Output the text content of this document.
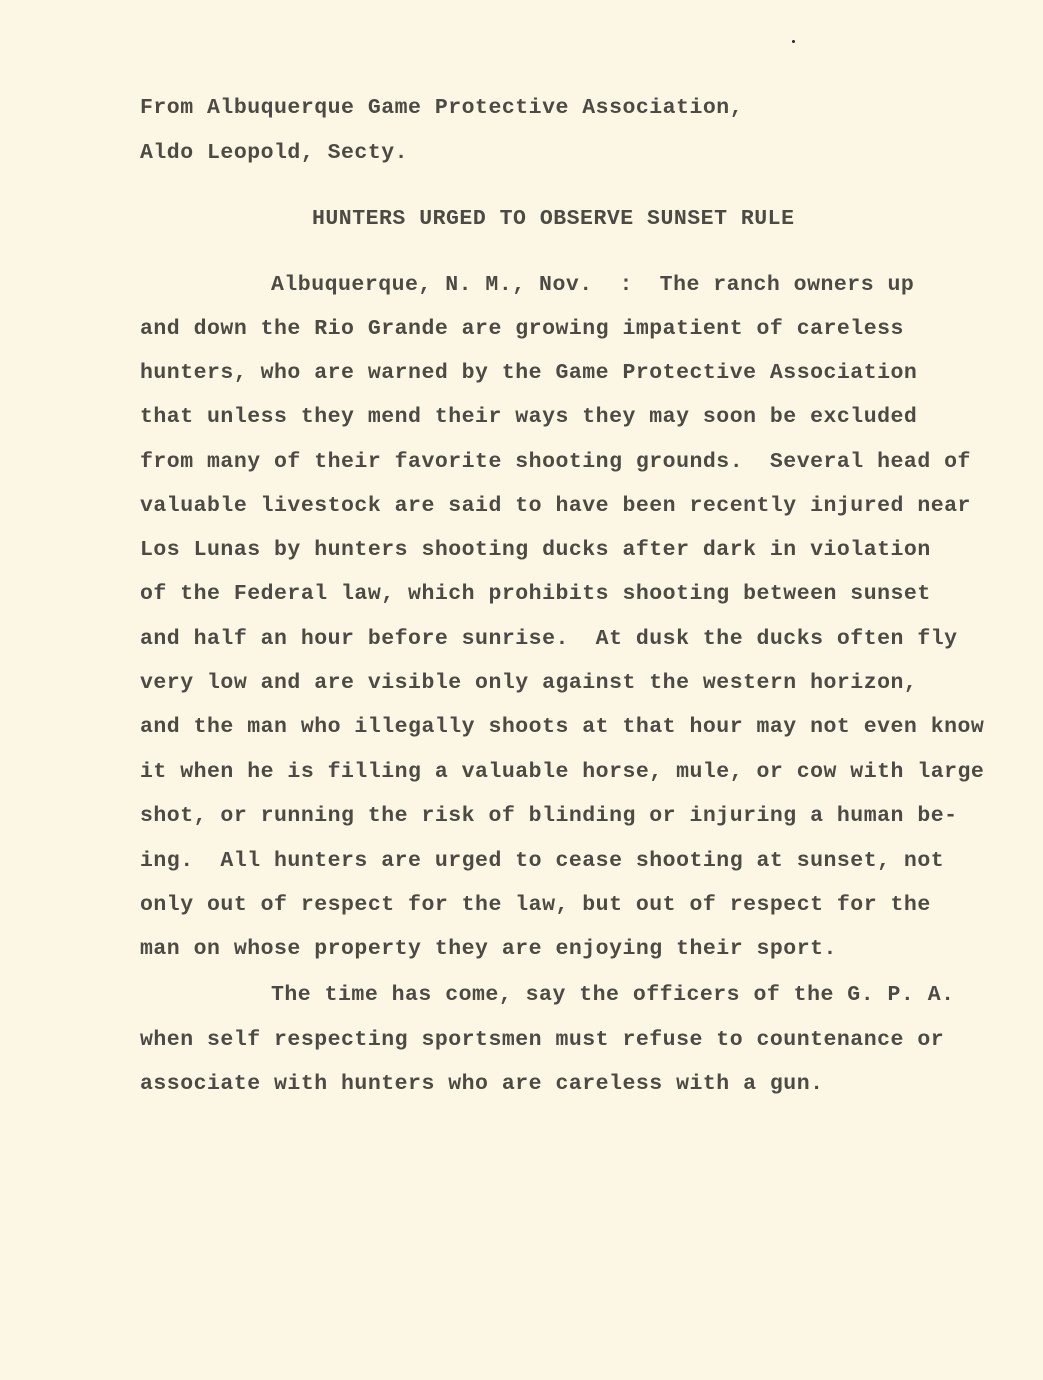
From Albuquerque Game Protective Association,
Aldo Leopold, Secty.
HUNTERS URGED TO OBSERVE SUNSET RULE
Albuquerque, N. M., Nov.  :  The ranch owners up
and down the Rio Grande are growing impatient of careless
hunters, who are warned by the Game Protective Association
that unless they mend their ways they may soon be excluded
from many of their favorite shooting grounds.  Several head of
valuable livestock are said to have been recently injured near
Los Lunas by hunters shooting ducks after dark in violation
of the Federal law, which prohibits shooting between sunset
and half an hour before sunrise.  At dusk the ducks often fly
very low and are visible only against the western horizon,
and the man who illegally shoots at that hour may not even know
it when he is filling a valuable horse, mule, or cow with large
shot, or running the risk of blinding or injuring a human be-
ing.  All hunters are urged to cease shooting at sunset, not
only out of respect for the law, but out of respect for the
man on whose property they are enjoying their sport.
The time has come, say the officers of the G. P. A.
when self respecting sportsmen must refuse to countenance or
associate with hunters who are careless with a gun.
